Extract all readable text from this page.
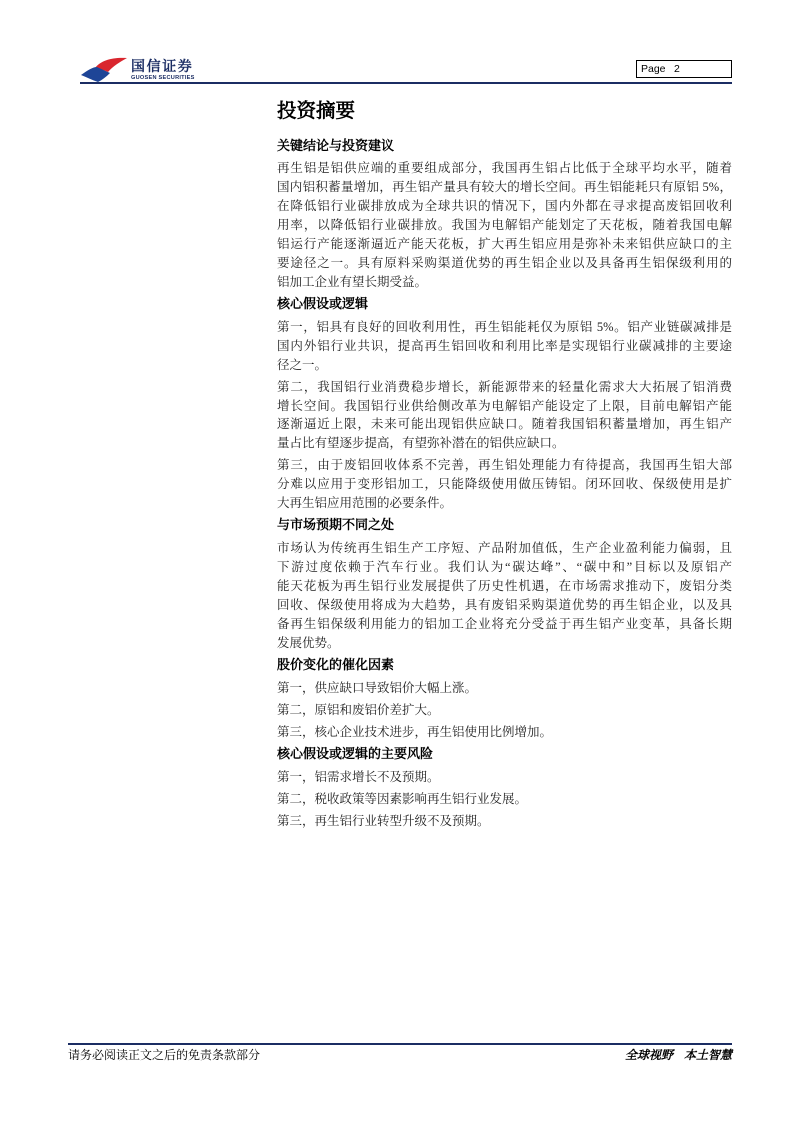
国信证券
GUOSEN SECURITIES
Page 2
投资摘要
关键结论与投资建议
再生铝是铝供应端的重要组成部分，我国再生铝占比低于全球平均水平，随着
国内铝积蓄量增加，再生铝产量具有较大的增长空间。再生铝能耗只有原铝 5%，
在降低铝行业碳排放成为全球共识的情况下，国内外都在寻求提高废铝回收利
用率，以降低铝行业碳排放。我国为电解铝产能划定了天花板，随着我国电解
铝运行产能逐渐逼近产能天花板，扩大再生铝应用是弥补未来铝供应缺口的主
要途径之一。具有原料采购渠道优势的再生铝企业以及具备再生铝保级利用的
铝加工企业有望长期受益。
核心假设或逻辑
第一，铝具有良好的回收利用性，再生铝能耗仅为原铝 5%。铝产业链碳减排是
国内外铝行业共识，提高再生铝回收和利用比率是实现铝行业碳减排的主要途
径之一。
第二，我国铝行业消费稳步增长，新能源带来的轻量化需求大大拓展了铝消费
增长空间。我国铝行业供给侧改革为电解铝产能设定了上限，目前电解铝产能
逐渐逼近上限，未来可能出现铝供应缺口。随着我国铝积蓄量增加，再生铝产
量占比有望逐步提高，有望弥补潜在的铝供应缺口。
第三，由于废铝回收体系不完善，再生铝处理能力有待提高，我国再生铝大部
分难以应用于变形铝加工，只能降级使用做压铸铝。闭环回收、保级使用是扩
大再生铝应用范围的必要条件。
与市场预期不同之处
市场认为传统再生铝生产工序短、产品附加值低，生产企业盈利能力偏弱，且
下游过度依赖于汽车行业。我们认为“碳达峰”、“碳中和”目标以及原铝产
能天花板为再生铝行业发展提供了历史性机遇，在市场需求推动下，废铝分类
回收、保级使用将成为大趋势，具有废铝采购渠道优势的再生铝企业，以及具
备再生铝保级利用能力的铝加工企业将充分受益于再生铝产业变革，具备长期
发展优势。
股价变化的催化因素
第一，供应缺口导致铝价大幅上涨。
第二，原铝和废铝价差扩大。
第三，核心企业技术进步，再生铝使用比例增加。
核心假设或逻辑的主要风险
第一，铝需求增长不及预期。
第二，税收政策等因素影响再生铝行业发展。
第三，再生铝行业转型升级不及预期。
请务必阅读正文之后的免责条款部分	全球视野 本土智慧
